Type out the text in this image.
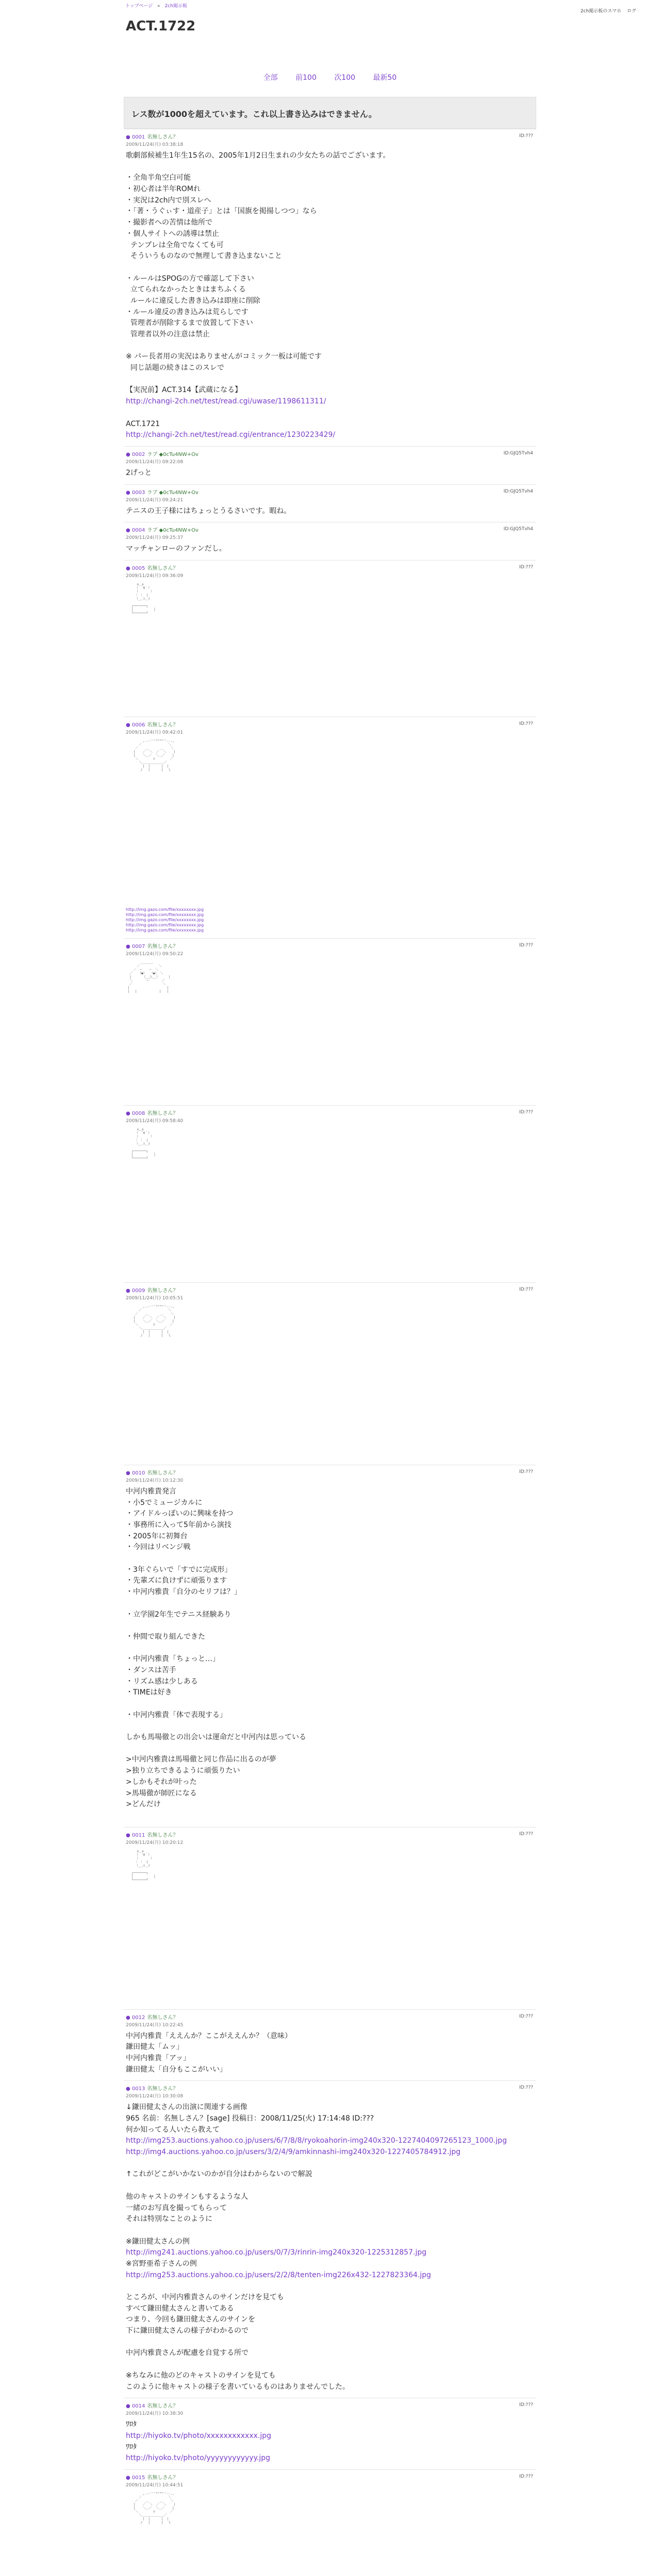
トップページ » 2ch掲示板
2ch掲示板のスマホ ログ
ACT.1722
全部 前100 次100 最新50
レス数が1000を超えています。これ以上書き込みはできません。
● 0001 名無しさん？
2009/11/24(月) 03:38:18
ID:???
歌劇部候補生1年生15名の、2005年1月2日生まれの少女たちの話でございます。

・全角半角空白可能
・初心者は半年ROMれ
・実況は2ch内で別スレへ
・「著・うぐぃす・道産子」とは「国旗を掲揚しつつ」なら
・撮影者への苦情は他所で
・個人サイトへの誘導は禁止
テンプレは全角でなくても可
そういうものなので無理して書き込まないこと

・ルールはSPOGの方で確認して下さい
立てられなかったときはまちふくる
ルールに違反した書き込みは即座に削除
・ルール違反の書き込みは荒らしです
管理者が削除するまで放置して下さい
管理者以外の注意は禁止

※ パー長者用の実況はありませんがコミック一板は可能です
同じ話題の続きはこのスレで

【実況前】ACT.314【武蔵になる】
http://changi-2ch.net/test/read.cgi/uwase/1198611311/

ACT.1721
http://changi-2ch.net/test/read.cgi/entrance/1230223429/
● 0002 ラブ ◆0cTu4NW+Ov
2009/11/24(月) 09:22:08
ID:GJQ5Tvh4
2げっと
● 0003 ラブ ◆0cTu4NW+Ov
2009/11/24(月) 09:24:21
ID:GJQ5Tvh4
テニスの王子様にはちょっとうるさいです。暇ね。
● 0004 ラブ ◆0cTu4NW+Ov
2009/11/24(月) 09:25:37
ID:GJQ5Tvh4
マッチャンローのファンだし。
● 0005 名無しさん？
2009/11/24(月) 09:36:09
ID:???
∧＿∧
（　´∀｀）
（　　　　）
｜ ｜　|
（_＿)＿)

┌───────┐
│           │
└───────┘
● 0006 名無しさん？
2009/11/24(月) 09:42:01
ID:???
,.-‐'''""""''‐-.,
／              ＼
／    ＿      ＿    ＼
|    ／  ＼  ／  ＼    |
|    ＼＿／  ＼＿／    |
＼        ▽        ／
＼＿＿＿＿＿＿＿／
|  |      |  |
/   |      |   \
http://img.gazo.com/file/xxxxxxxx.jpg
http://img.gazo.com/file/xxxxxxxx.jpg
http://img.gazo.com/file/xxxxxxxx.jpg
http://img.gazo.com/file/xxxxxxxx.jpg
http://img.gazo.com/file/xxxxxxxx.jpg
● 0007 名無しさん？
2009/11/24(月) 09:50:22
ID:???
＿＿＿＿
／          ＼
／  ─    ─  ＼
／   （●）  （●） ＼
|      （__人__）     |
＼      ｀⌒´      ／
／                ＼
|                    |
|   |            |   |
● 0008 名無しさん？
2009/11/24(月) 09:58:40
ID:???
∧＿∧
（　´∀｀）
（　　　　）
｜ ｜　|
（_＿)＿)

┌───────┐
│           │
└───────┘
● 0009 名無しさん？
2009/11/24(月) 10:05:51
ID:???
,.-‐'''""""''‐-.,
／              ＼
／    ＿      ＿    ＼
|    ／  ＼  ／  ＼    |
|    ＼＿／  ＼＿／    |
＼        ▽        ／
＼＿＿＿＿＿＿＿／
|  |      |  |
/   |      |   \
● 0010 名無しさん？
2009/11/24(月) 10:12:30
ID:???
中河内雅貴発言
・小5でミュージカルに
・アイドルっぽいのに興味を持つ
・事務所に入って5年前から演技
・2005年に初舞台
・今回はリベンジ戦

・3年ぐらいで「すでに完成形」
・先輩ズに負けずに頑張ります
・中河内雅貴「自分のセリフは？」

・立学園2年生でテニス経験あり

・仲間で取り組んできた

・中河内雅貴「ちょっと…」
・ダンスは苦手
・リズム感は少しある
・TIMEは好き

・中河内雅貴「体で表現する」

しかも馬場徹との出会いは運命だと中河内は思っている

>中河内雅貴は馬場徹と同じ作品に出るのが夢
>独り立ちできるように頑張りたい
>しかもそれが叶った
>馬場徹が師匠になる
>どんだけ

● 0011 名無しさん？
2009/11/24(月) 10:20:12
ID:???
∧＿∧
（　´∀｀）
（　　　　）
｜ ｜　|
（_＿)＿)

┌───────┐
│           │
└───────┘
● 0012 名無しさん？
2009/11/24(月) 10:22:45
ID:???
中河内雅貴「ええんか？ここがええんか？（意味）
鎌田健太「ムッ」
中河内雅貴「アッ」
鎌田健太「自分もここがいい」
● 0013 名無しさん？
2009/11/24(月) 10:30:08
ID:???
↓鎌田健太さんの出演に関連する画像
965 名前：名無しさん？[sage] 投稿日：2008/11/25(火) 17:14:48 ID:???
何か知ってる人いたら教えて
http://img253.auctions.yahoo.co.jp/users/6/7/8/8/ryokoahorin-img240x320-1227404097265123_1000.jpg
http://img4.auctions.yahoo.co.jp/users/3/2/4/9/amkinnashi-img240x320-1227405784912.jpg

↑これがどこがいかないのかが自分はわからないので解説

他のキャストのサインもするような人
一緒のお写真を撮ってもらって
それは特別なことのように

※鎌田健太さんの例
http://img241.auctions.yahoo.co.jp/users/0/7/3/rinrin-img240x320-1225312857.jpg
※宮野亜希子さんの例
http://img253.auctions.yahoo.co.jp/users/2/2/8/tenten-img226x432-1227823364.jpg

ところが、中河内雅貴さんのサインだけを見ても
すべて鎌田健太さんと書いてある
つまり、今回も鎌田健太さんのサインを
下に鎌田健太さんの様子がわかるので

中河内雅貴さんが配慮を自覚する所で

※ちなみに他のどのキャストのサインを見ても
このように他キャストの様子を書いているものはありませんでした。
● 0014 名無しさん？
2009/11/24(月) 10:38:30
ID:???
ﾜﾛﾀ
http://hiyoko.tv/photo/xxxxxxxxxxxx.jpg
ﾜﾛﾀ
http://hiyoko.tv/photo/yyyyyyyyyyyy.jpg
● 0015 名無しさん？
2009/11/24(月) 10:44:51
ID:???
,.-‐'''""""''‐-.,
／              ＼
／    ＿      ＿    ＼
|    ／  ＼  ／  ＼    |
|    ＼＿／  ＼＿／    |
＼        ▽        ／
＼＿＿＿＿＿＿＿／
|  |      |  |
/   |      |   \
